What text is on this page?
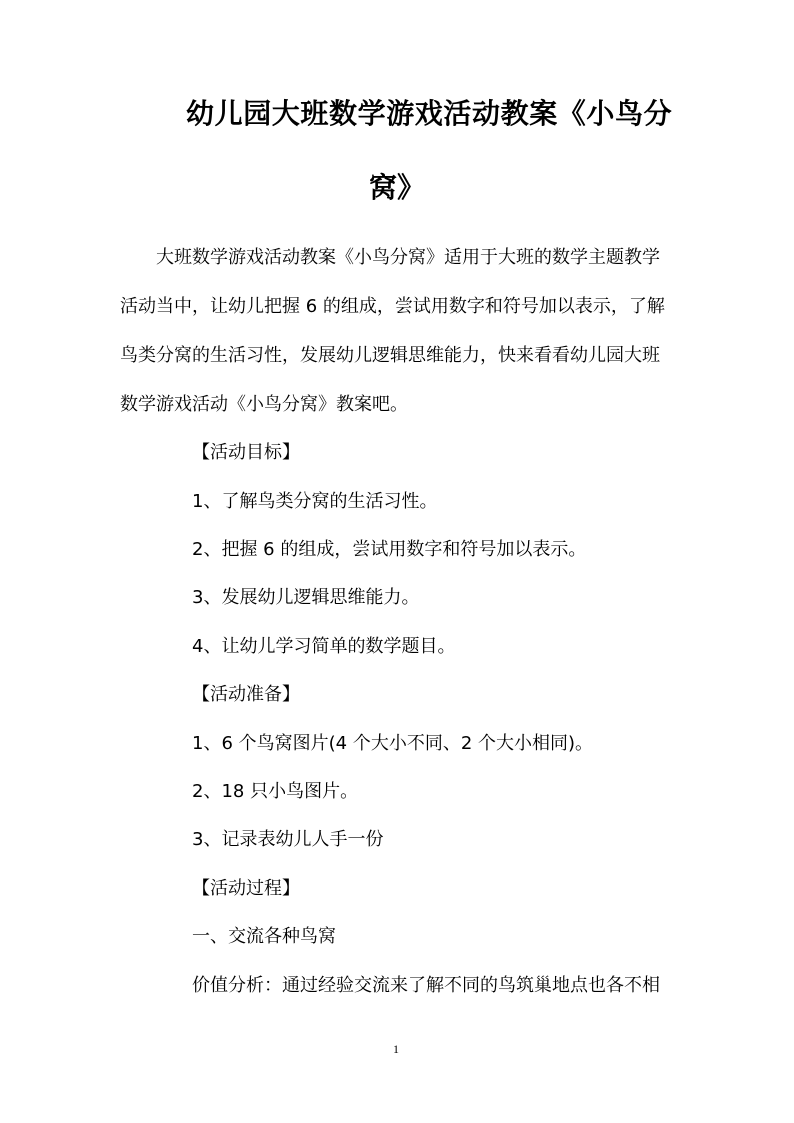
幼儿园大班数学游戏活动教案《小鸟分
窝》
大班数学游戏活动教案《小鸟分窝》适用于大班的数学主题教学
活动当中，让幼儿把握 6 的组成，尝试用数字和符号加以表示，了解
鸟类分窝的生活习性，发展幼儿逻辑思维能力，快来看看幼儿园大班
数学游戏活动《小鸟分窝》教案吧。
【活动目标】
1、了解鸟类分窝的生活习性。
2、把握 6 的组成，尝试用数字和符号加以表示。
3、发展幼儿逻辑思维能力。
4、让幼儿学习简单的数学题目。
【活动准备】
1、6 个鸟窝图片(4 个大小不同、2 个大小相同)。
2、18 只小鸟图片。
3、记录表幼儿人手一份
【活动过程】
一、交流各种鸟窝
价值分析：通过经验交流来了解不同的鸟筑巢地点也各不相
1
